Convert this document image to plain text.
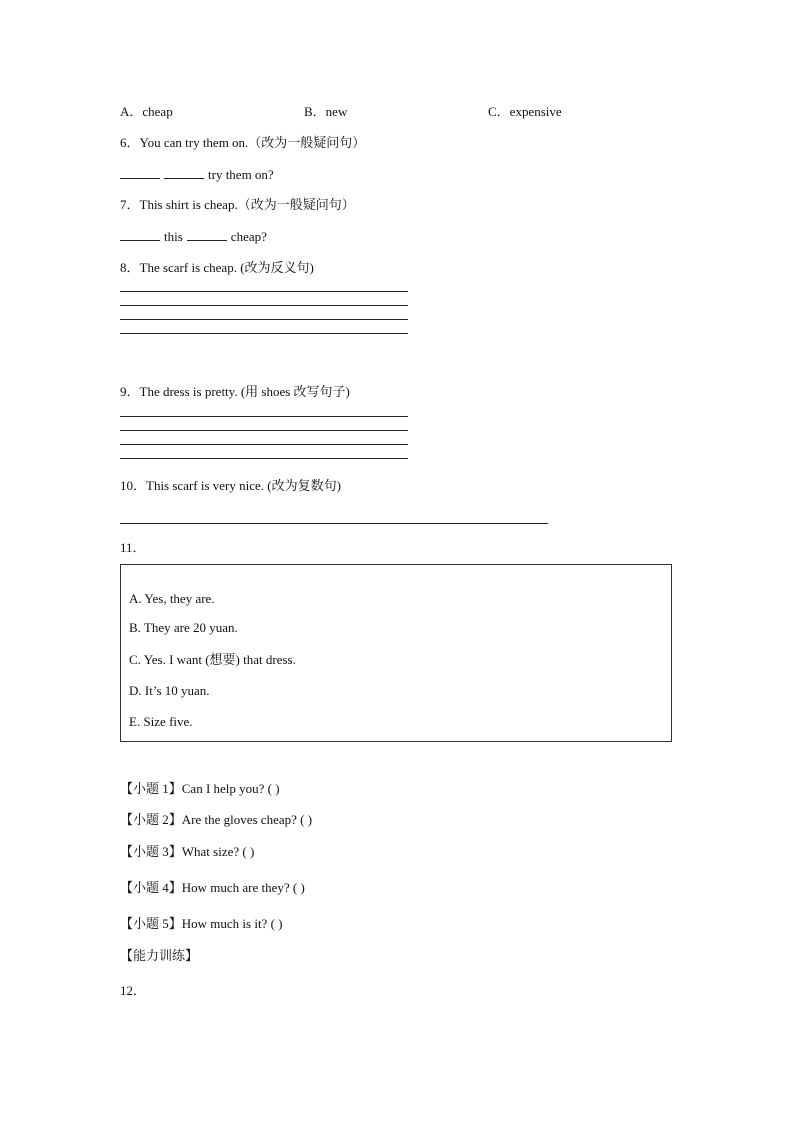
A．cheap	B．new	C．expensive
6．You can try them on.（改为一般疑问句）
try them on?
7．This shirt is cheap.（改为一般疑问句）
this	cheap?
8．The scarf is cheap. (改为反义句)
9．The dress is pretty. (用 shoes 改写句子)
10．This scarf is very nice. (改为复数句)
11．
A. Yes, they are.
B. They are 20 yuan.
C. Yes. I want (想要) that dress.
D. It’s 10 yuan.
E. Size five.
【小题 1】Can I help you? ( )
【小题 2】Are the gloves cheap? ( )
【小题 3】What size? ( )
【小题 4】How much are they? ( )
【小题 5】How much is it? ( )
【能力训练】
12．
